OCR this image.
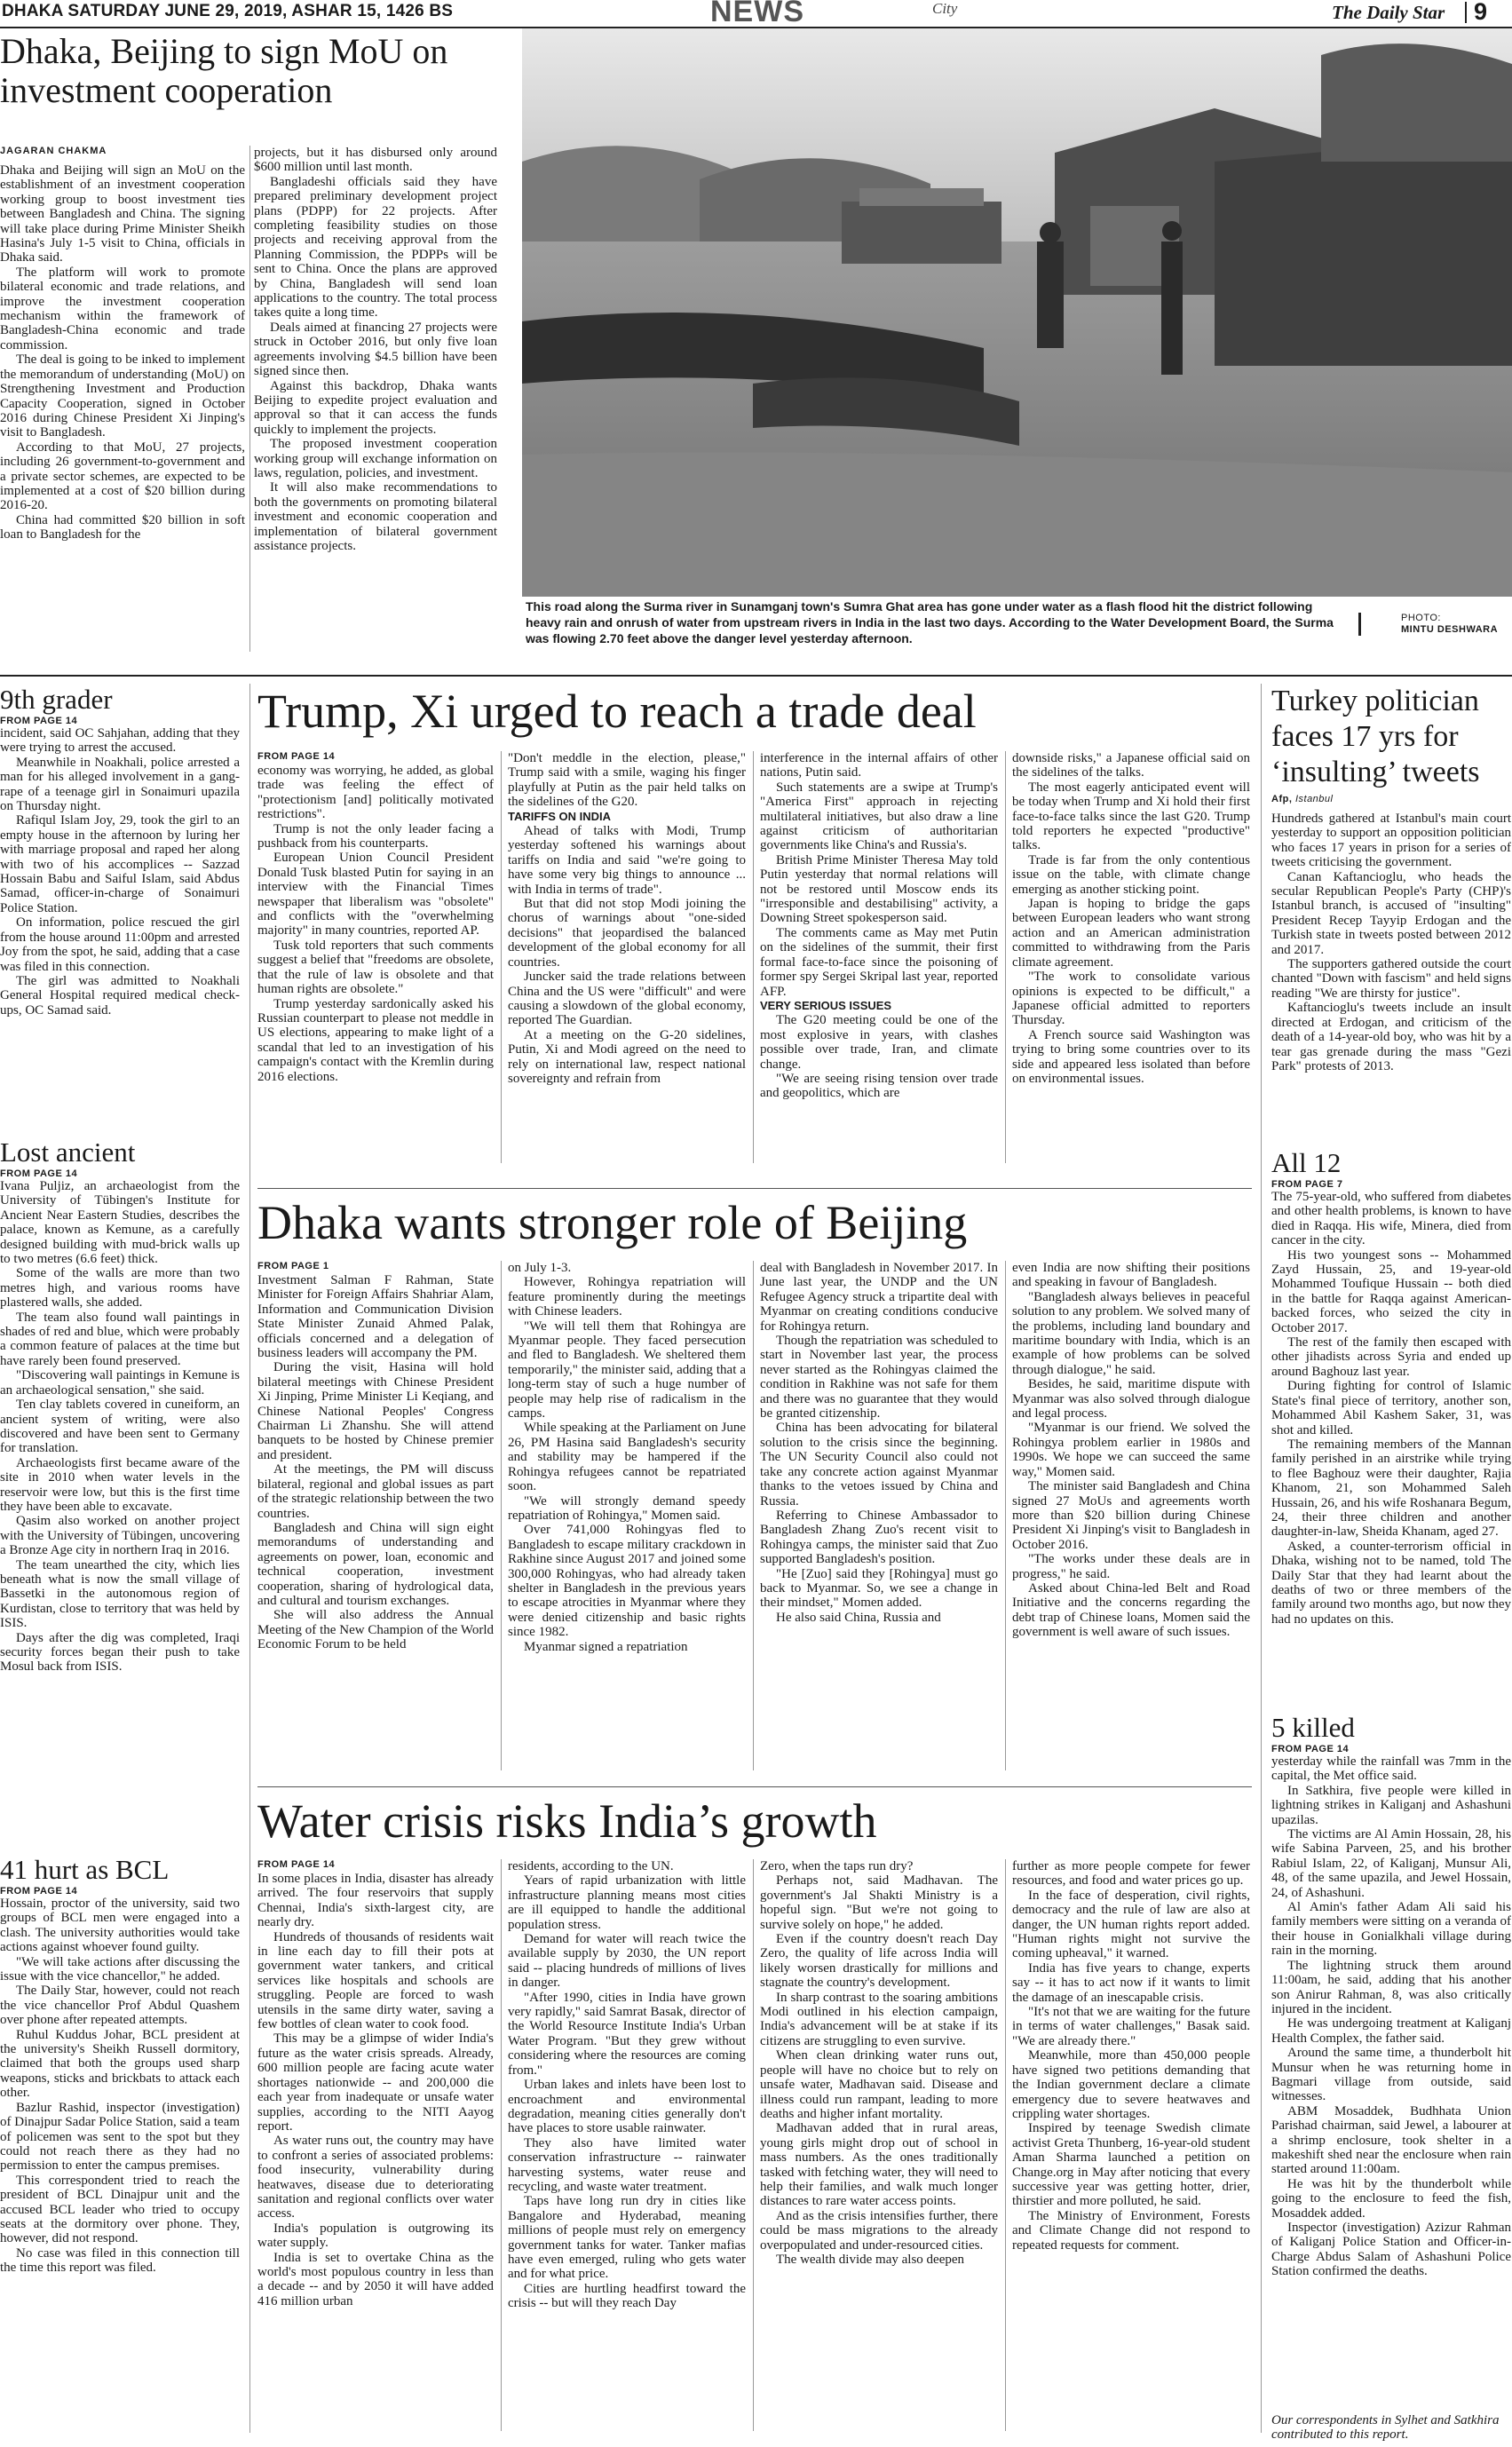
DHAKA SATURDAY JUNE 29, 2019, ASHAR 15, 1426 BS	NEWS	City	The Daily Star 9
Dhaka, Beijing to sign MoU on investment cooperation
JAGARAN CHAKMA

Dhaka and Beijing will sign an MoU on the establishment of an investment cooperation working group to boost investment ties between Bangladesh and China. The signing will take place during Prime Minister Sheikh Hasina's July 1-5 visit to China, officials in Dhaka said.

The platform will work to promote bilateral economic and trade relations, and improve the investment cooperation mechanism within the framework of Bangladesh-China economic and trade commission.

The deal is going to be inked to implement the memorandum of understanding (MoU) on Strengthening Investment and Production Capacity Cooperation, signed in October 2016 during Chinese President Xi Jinping's visit to Bangladesh.

According to that MoU, 27 projects, including 26 government-to-government and a private sector schemes, are expected to be implemented at a cost of $20 billion during 2016-20.

China had committed $20 billion in soft loan to Bangladesh for the

projects, but it has disbursed only around $600 million until last month.

Bangladeshi officials said they have prepared preliminary development project plans (PDPP) for 22 projects. After completing feasibility studies on those projects and receiving approval from the Planning Commission, the PDPPs will be sent to China. Once the plans are approved by China, Bangladesh will send loan applications to the country. The total process takes quite a long time.

Deals aimed at financing 27 projects were struck in October 2016, but only five loan agreements involving $4.5 billion have been signed since then.

Against this backdrop, Dhaka wants Beijing to expedite project evaluation and approval so that it can access the funds quickly to implement the projects.

The proposed investment cooperation working group will exchange information on laws, regulation, policies, and investment.

It will also make recommendations to both the governments on promoting bilateral investment and economic cooperation and implementation of bilateral government assistance projects.

This road along the Surma river in Sunamganj town's Sumra Ghat area has gone under water as a flash flood hit the district following heavy rain and onrush of water from upstream rivers in India in the last two days. According to the Water Development Board, the Surma was flowing 2.70 feet above the danger level yesterday afternoon.
PHOTO:
MINTU DESHWARA
9th grader
FROM PAGE 14

incident, said OC Sahjahan, adding that they were trying to arrest the accused.

Meanwhile in Noakhali, police arrested a man for his alleged involvement in a gang-rape of a teenage girl in Sonaimuri upazila on Thursday night.

Rafiqul Islam Joy, 29, took the girl to an empty house in the afternoon by luring her with marriage proposal and raped her along with two of his accomplices -- Sazzad Hossain Babu and Saiful Islam, said Abdus Samad, officer-in-charge of Sonaimuri Police Station.

On information, police rescued the girl from the house around 11:00pm and arrested Joy from the spot, he said, adding that a case was filed in this connection.

The girl was admitted to Noakhali General Hospital required medical check-ups, OC Samad said.

Lost ancient
FROM PAGE 14

Ivana Puljiz, an archaeologist from the University of Tübingen's Institute for Ancient Near Eastern Studies, describes the palace, known as Kemune, as a carefully designed building with mud-brick walls up to two metres (6.6 feet) thick.

Some of the walls are more than two metres high, and various rooms have plastered walls, she added.

The team also found wall paintings in shades of red and blue, which were probably a common feature of palaces at the time but have rarely been found preserved.

"Discovering wall paintings in Kemune is an archaeological sensation," she said.

Ten clay tablets covered in cuneiform, an ancient system of writing, were also discovered and have been sent to Germany for translation.

Archaeologists first became aware of the site in 2010 when water levels in the reservoir were low, but this is the first time they have been able to excavate.

Qasim also worked on another project with the University of Tübingen, uncovering a Bronze Age city in northern Iraq in 2016.

The team unearthed the city, which lies beneath what is now the small village of Bassetki in the autonomous region of Kurdistan, close to territory that was held by ISIS.

Days after the dig was completed, Iraqi security forces began their push to take Mosul back from ISIS.

41 hurt as BCL
FROM PAGE 14

Hossain, proctor of the university, said two groups of BCL men were engaged into a clash. The university authorities would take actions against whoever found guilty.

"We will take actions after discussing the issue with the vice chancellor," he added.

The Daily Star, however, could not reach the vice chancellor Prof Abdul Quashem over phone after repeated attempts.

Ruhul Kuddus Johar, BCL president at the university's Sheikh Russell dormitory, claimed that both the groups used sharp weapons, sticks and brickbats to attack each other.

Bazlur Rashid, inspector (investigation) of Dinajpur Sadar Police Station, said a team of policemen was sent to the spot but they could not reach there as they had no permission to enter the campus premises.

This correspondent tried to reach the president of BCL Dinajpur unit and the accused BCL leader who tried to occupy seats at the dormitory over phone. They, however, did not respond.

No case was filed in this connection till the time this report was filed.

Trump, Xi urged to reach a trade deal
FROM PAGE 14

economy was worrying, he added, as global trade was feeling the effect of "protectionism [and] politically motivated restrictions".

Trump is not the only leader facing a pushback from his counterparts.

European Union Council President Donald Tusk blasted Putin for saying in an interview with the Financial Times newspaper that liberalism was "obsolete" and conflicts with the "overwhelming majority" in many countries, reported AP.

Tusk told reporters that such comments suggest a belief that "freedoms are obsolete, that the rule of law is obsolete and that human rights are obsolete."

Trump yesterday sardonically asked his Russian counterpart to please not meddle in US elections, appearing to make light of a scandal that led to an investigation of his campaign's contact with the Kremlin during 2016 elections.

"Don't meddle in the election, please," Trump said with a smile, waging his finger playfully at Putin as the pair held talks on the sidelines of the G20.

TARIFFS ON INDIA

Ahead of talks with Modi, Trump yesterday softened his warnings about tariffs on India and said "we're going to have some very big things to announce ... with India in terms of trade".

But that did not stop Modi joining the chorus of warnings about "one-sided decisions" that jeopardised the balanced development of the global economy for all countries.

Juncker said the trade relations between China and the US were "difficult" and were causing a slowdown of the global economy, reported The Guardian.

At a meeting on the G-20 sidelines, Putin, Xi and Modi agreed on the need to rely on international law, respect national sovereignty and refrain from

interference in the internal affairs of other nations, Putin said.

Such statements are a swipe at Trump's "America First" approach in rejecting multilateral initiatives, but also draw a line against criticism of authoritarian governments like China's and Russia's.

British Prime Minister Theresa May told Putin yesterday that normal relations will not be restored until Moscow ends its "irresponsible and destabilising" activity, a Downing Street spokesperson said.

The comments came as May met Putin on the sidelines of the summit, their first formal face-to-face since the poisoning of former spy Sergei Skripal last year, reported AFP.

VERY SERIOUS ISSUES

The G20 meeting could be one of the most explosive in years, with clashes possible over trade, Iran, and climate change.

"We are seeing rising tension over trade and geopolitics, which are

downside risks," a Japanese official said on the sidelines of the talks.

The most eagerly anticipated event will be today when Trump and Xi hold their first face-to-face talks since the last G20. Trump told reporters he expected "productive" talks.

Trade is far from the only contentious issue on the table, with climate change emerging as another sticking point.

Japan is hoping to bridge the gaps between European leaders who want strong action and an American administration committed to withdrawing from the Paris climate agreement.

"The work to consolidate various opinions is expected to be difficult," a Japanese official admitted to reporters Thursday.

A French source said Washington was trying to bring some countries over to its side and appeared less isolated than before on environmental issues.

Dhaka wants stronger role of Beijing
FROM PAGE 1

Investment Salman F Rahman, State Minister for Foreign Affairs Shahriar Alam, Information and Communication Division State Minister Zunaid Ahmed Palak, officials concerned and a delegation of business leaders will accompany the PM.

During the visit, Hasina will hold bilateral meetings with Chinese President Xi Jinping, Prime Minister Li Keqiang, and Chinese National Peoples' Congress Chairman Li Zhanshu. She will attend banquets to be hosted by Chinese premier and president.

At the meetings, the PM will discuss bilateral, regional and global issues as part of the strategic relationship between the two countries.

Bangladesh and China will sign eight memorandums of understanding and agreements on power, loan, economic and technical cooperation, investment cooperation, sharing of hydrological data, and cultural and tourism exchanges.

She will also address the Annual Meeting of the New Champion of the World Economic Forum to be held

on July 1-3.

However, Rohingya repatriation will feature prominently during the meetings with Chinese leaders.

"We will tell them that Rohingya are Myanmar people. They faced persecution and fled to Bangladesh. We sheltered them temporarily," the minister said, adding that a long-term stay of such a huge number of people may help rise of radicalism in the camps.

While speaking at the Parliament on June 26, PM Hasina said Bangladesh's security and stability may be hampered if the Rohingya refugees cannot be repatriated soon.

"We will strongly demand speedy repatriation of Rohingya," Momen said.

Over 741,000 Rohingyas fled to Bangladesh to escape military crackdown in Rakhine since August 2017 and joined some 300,000 Rohingyas, who had already taken shelter in Bangladesh in the previous years to escape atrocities in Myanmar where they were denied citizenship and basic rights since 1982.

Myanmar signed a repatriation

deal with Bangladesh in November 2017. In June last year, the UNDP and the UN Refugee Agency struck a tripartite deal with Myanmar on creating conditions conducive for Rohingya return.

Though the repatriation was scheduled to start in November last year, the process never started as the Rohingyas claimed the condition in Rakhine was not safe for them and there was no guarantee that they would be granted citizenship.

China has been advocating for bilateral solution to the crisis since the beginning. The UN Security Council also could not take any concrete action against Myanmar thanks to the vetoes issued by China and Russia.

Referring to Chinese Ambassador to Bangladesh Zhang Zuo's recent visit to Rohingya camps, the minister said that Zuo supported Bangladesh's position.

"He [Zuo] said they [Rohingya] must go back to Myanmar. So, we see a change in their mindset," Momen added.

He also said China, Russia and

even India are now shifting their positions and speaking in favour of Bangladesh.

"Bangladesh always believes in peaceful solution to any problem. We solved many of the problems, including land boundary and maritime boundary with India, which is an example of how problems can be solved through dialogue," he said.

Besides, he said, maritime dispute with Myanmar was also solved through dialogue and legal process.

"Myanmar is our friend. We solved the Rohingya problem earlier in 1980s and 1990s. We hope we can succeed the same way," Momen said.

The minister said Bangladesh and China signed 27 MoUs and agreements worth more than $20 billion during Chinese President Xi Jinping's visit to Bangladesh in October 2016.

"The works under these deals are in progress," he said.

Asked about China-led Belt and Road Initiative and the concerns regarding the debt trap of Chinese loans, Momen said the government is well aware of such issues.

Water crisis risks India’s growth
FROM PAGE 14

In some places in India, disaster has already arrived. The four reservoirs that supply Chennai, India's sixth-largest city, are nearly dry.

Hundreds of thousands of residents wait in line each day to fill their pots at government water tankers, and critical services like hospitals and schools are struggling. People are forced to wash utensils in the same dirty water, saving a few bottles of clean water to cook food.

This may be a glimpse of wider India's future as the water crisis spreads. Already, 600 million people are facing acute water shortages nationwide -- and 200,000 die each year from inadequate or unsafe water supplies, according to the NITI Aayog report.

As water runs out, the country may have to confront a series of associated problems: food insecurity, vulnerability during heatwaves, disease due to deteriorating sanitation and regional conflicts over water access.

India's population is outgrowing its water supply.

India is set to overtake China as the world's most populous country in less than a decade -- and by 2050 it will have added 416 million urban

residents, according to the UN.

Years of rapid urbanization with little infrastructure planning means most cities are ill equipped to handle the additional population stress.

Demand for water will reach twice the available supply by 2030, the UN report said -- placing hundreds of millions of lives in danger.

"After 1990, cities in India have grown very rapidly," said Samrat Basak, director of the World Resource Institute India's Urban Water Program. "But they grew without considering where the resources are coming from."

Urban lakes and inlets have been lost to encroachment and environmental degradation, meaning cities generally don't have places to store usable rainwater.

They also have limited water conservation infrastructure -- rainwater harvesting systems, water reuse and recycling, and waste water treatment.

Taps have long run dry in cities like Bangalore and Hyderabad, meaning millions of people must rely on emergency government tanks for water. Tanker mafias have even emerged, ruling who gets water and for what price.

Cities are hurtling headfirst toward the crisis -- but will they reach Day

Zero, when the taps run dry?

Perhaps not, said Madhavan. The government's Jal Shakti Ministry is a hopeful sign. "But we're not going to survive solely on hope," he added.

Even if the country doesn't reach Day Zero, the quality of life across India will likely worsen drastically for millions and stagnate the country's development.

In sharp contrast to the soaring ambitions Modi outlined in his election campaign, India's advancement will be at stake if its citizens are struggling to even survive.

When clean drinking water runs out, people will have no choice but to rely on unsafe water, Madhavan said. Disease and illness could run rampant, leading to more deaths and higher infant mortality.

Madhavan added that in rural areas, young girls might drop out of school in mass numbers. As the ones traditionally tasked with fetching water, they will need to help their families, and walk much longer distances to rare water access points.

And as the crisis intensifies further, there could be mass migrations to the already overpopulated and under-resourced cities.

The wealth divide may also deepen

further as more people compete for fewer resources, and food and water prices go up.

In the face of desperation, civil rights, democracy and the rule of law are also at danger, the UN human rights report added. "Human rights might not survive the coming upheaval," it warned.

India has five years to change, experts say -- it has to act now if it wants to limit the damage of an inescapable crisis.

"It's not that we are waiting for the future in terms of water challenges," Basak said. "We are already there."

Meanwhile, more than 450,000 people have signed two petitions demanding that the Indian government declare a climate emergency due to severe heatwaves and crippling water shortages.

Inspired by teenage Swedish climate activist Greta Thunberg, 16-year-old student Aman Sharma launched a petition on Change.org in May after noticing that every successive year was getting hotter, drier, thirstier and more polluted, he said.

The Ministry of Environment, Forests and Climate Change did not respond to repeated requests for comment.

Turkey politician faces 17 yrs for ‘insulting’ tweets
Afp, Istanbul

Hundreds gathered at Istanbul's main court yesterday to support an opposition politician who faces 17 years in prison for a series of tweets criticising the government.

Canan Kaftancioglu, who heads the secular Republican People's Party (CHP)'s Istanbul branch, is accused of "insulting" President Recep Tayyip Erdogan and the Turkish state in tweets posted between 2012 and 2017.

The supporters gathered outside the court chanted "Down with fascism" and held signs reading "We are thirsty for justice".

Kaftancioglu's tweets include an insult directed at Erdogan, and criticism of the death of a 14-year-old boy, who was hit by a tear gas grenade during the mass "Gezi Park" protests of 2013.

All 12
FROM PAGE 7

The 75-year-old, who suffered from diabetes and other health problems, is known to have died in Raqqa. His wife, Minera, died from cancer in the city.

His two youngest sons -- Mohammed Zayd Hussain, 25, and 19-year-old Mohammed Toufique Hussain -- both died in the battle for Raqqa against American-backed forces, who seized the city in October 2017.

The rest of the family then escaped with other jihadists across Syria and ended up around Baghouz last year.

During fighting for control of Islamic State's final piece of territory, another son, Mohammed Abil Kashem Saker, 31, was shot and killed.

The remaining members of the Mannan family perished in an airstrike while trying to flee Baghouz were their daughter, Rajia Khanom, 21, son Mohammed Saleh Hussain, 26, and his wife Roshanara Begum, 24, their three children and another daughter-in-law, Sheida Khanam, aged 27.

Asked, a counter-terrorism official in Dhaka, wishing not to be named, told The Daily Star that they had learnt about the deaths of two or three members of the family around two months ago, but now they had no updates on this.

5 killed
FROM PAGE 14

yesterday while the rainfall was 7mm in the capital, the Met office said.

In Satkhira, five people were killed in lightning strikes in Kaliganj and Ashashuni upazilas.

The victims are Al Amin Hossain, 28, his wife Sabina Parveen, 25, and his brother Rabiul Islam, 22, of Kaliganj, Munsur Ali, 48, of the same upazila, and Jewel Hossain, 24, of Ashashuni.

Al Amin's father Adam Ali said his family members were sitting on a veranda of their house in Gonialkhali village during rain in the morning.

The lightning struck them around 11:00am, he said, adding that his another son Anirur Rahman, 8, was also critically injured in the incident.

He was undergoing treatment at Kaliganj Health Complex, the father said.

Around the same time, a thunderbolt hit Munsur when he was returning home in Bagmari village from outside, said witnesses.

ABM Mosaddek, Budhhata Union Parishad chairman, said Jewel, a labourer at a shrimp enclosure, took shelter in a makeshift shed near the enclosure when rain started around 11:00am.

He was hit by the thunderbolt while going to the enclosure to feed the fish, Mosaddek added.

Inspector (investigation) Azizur Rahman of Kaliganj Police Station and Officer-in-Charge Abdus Salam of Ashashuni Police Station confirmed the deaths.

Our correspondents in Sylhet and Satkhira contributed to this report.
